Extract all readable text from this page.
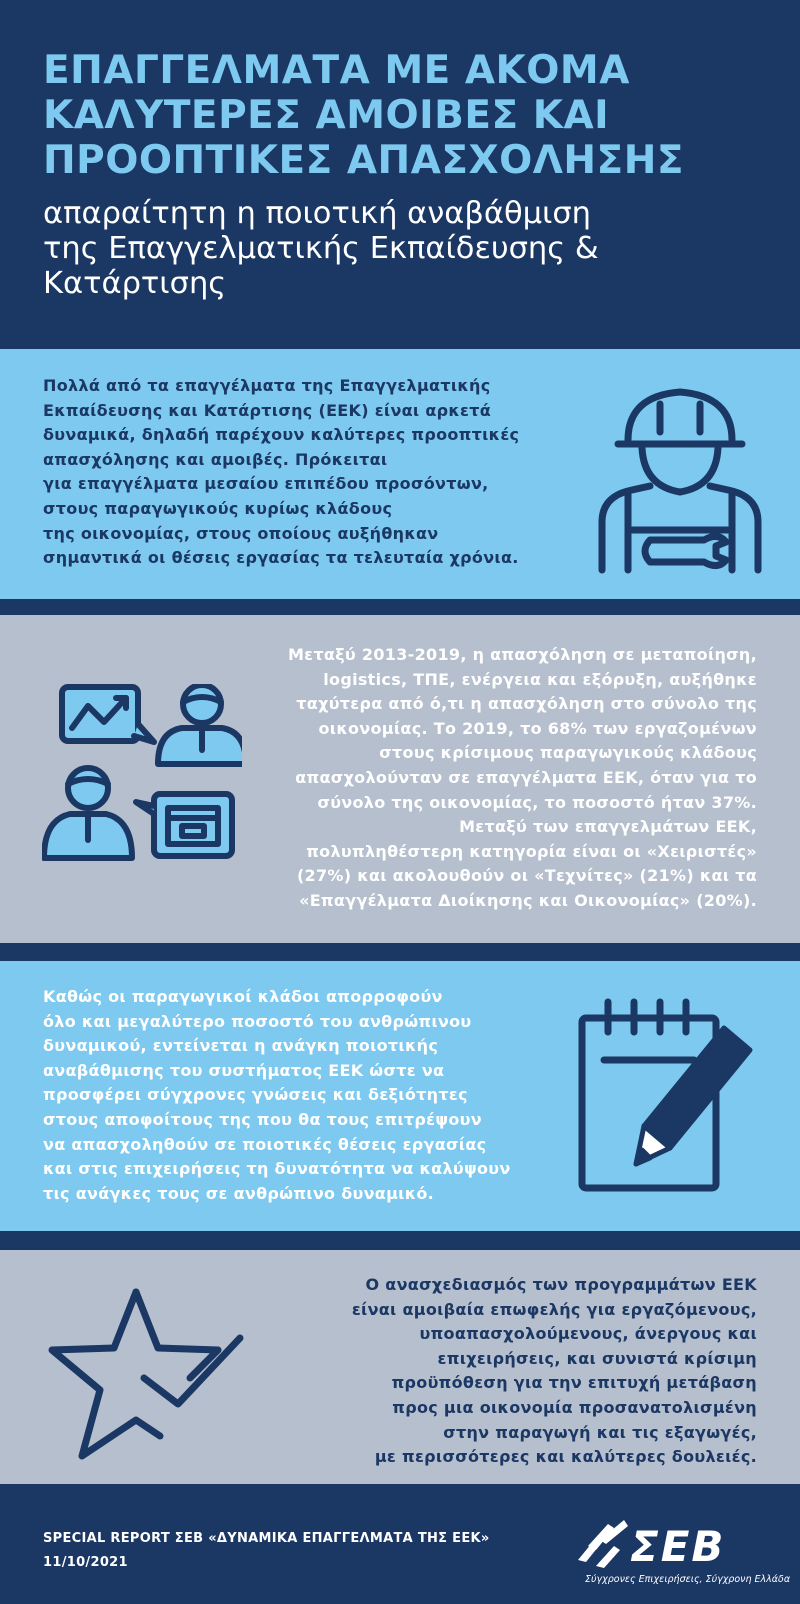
ΕΠΑΓΓΕΛΜΑΤΑ ΜΕ ΑΚΟΜΑ
ΚΑΛΥΤΕΡΕΣ ΑΜΟΙΒΕΣ ΚΑΙ
ΠΡΟΟΠΤΙΚΕΣ ΑΠΑΣΧΟΛΗΣΗΣ
απαραίτητη η ποιοτική αναβάθμιση
της Επαγγελματικής Εκπαίδευσης &
Κατάρτισης
Πολλά από τα επαγγέλματα της Επαγγελματικής
Εκπαίδευσης και Κατάρτισης (ΕΕΚ) είναι αρκετά
δυναμικά, δηλαδή παρέχουν καλύτερες προοπτικές
απασχόλησης και αμοιβές. Πρόκειται
για επαγγέλματα μεσαίου επιπέδου προσόντων,
στους παραγωγικούς κυρίως κλάδους
της οικονομίας, στους οποίους αυξήθηκαν
σημαντικά οι θέσεις εργασίας τα τελευταία χρόνια.
Μεταξύ 2013-2019, η απασχόληση σε μεταποίηση,
logistics, ΤΠΕ, ενέργεια και εξόρυξη, αυξήθηκε
ταχύτερα από ό,τι η απασχόληση στο σύνολο της
οικονομίας. Το 2019, το 68% των εργαζομένων
στους κρίσιμους παραγωγικούς κλάδους
απασχολούνταν σε επαγγέλματα ΕΕΚ, όταν για το
σύνολο της οικονομίας, το ποσοστό ήταν 37%.
Μεταξύ των επαγγελμάτων ΕΕΚ,
πολυπληθέστερη κατηγορία είναι οι «Χειριστές»
(27%) και ακολουθούν οι «Τεχνίτες» (21%) και τα
«Επαγγέλματα Διοίκησης και Οικονομίας» (20%).
Καθώς οι παραγωγικοί κλάδοι απορροφούν
όλο και μεγαλύτερο ποσοστό του ανθρώπινου
δυναμικού, εντείνεται η ανάγκη ποιοτικής
αναβάθμισης του συστήματος ΕΕΚ ώστε να
προσφέρει σύγχρονες γνώσεις και δεξιότητες
στους αποφοίτους της που θα τους επιτρέψουν
να απασχοληθούν σε ποιοτικές θέσεις εργασίας
και στις επιχειρήσεις τη δυνατότητα να καλύψουν
τις ανάγκες τους σε ανθρώπινο δυναμικό.
Ο ανασχεδιασμός των προγραμμάτων ΕΕΚ
είναι αμοιβαία επωφελής για εργαζόμενους,
υποαπασχολούμενους, άνεργους και
επιχειρήσεις, και συνιστά κρίσιμη
προϋπόθεση για την επιτυχή μετάβαση
προς μια οικονομία προσανατολισμένη
στην παραγωγή και τις εξαγωγές,
με περισσότερες και καλύτερες δουλειές.
SPECIAL REPORT ΣΕΒ «ΔΥΝΑΜΙΚΑ ΕΠΑΓΓΕΛΜΑΤΑ ΤΗΣ ΕΕΚ»
11/10/2021	ΣΕΒ
Σύγχρονες Επιχειρήσεις, Σύγχρονη Ελλάδα
